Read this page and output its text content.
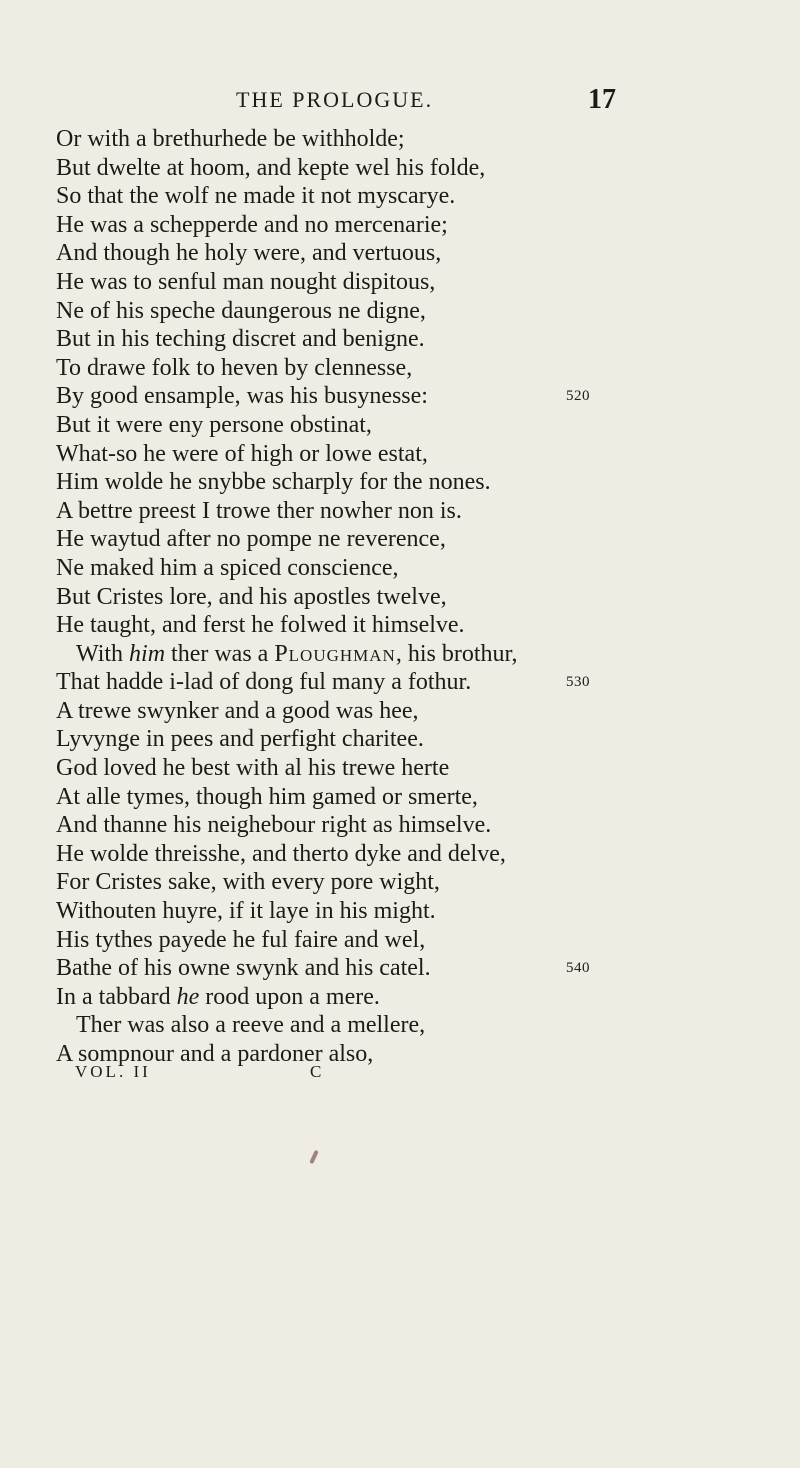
THE PROLOGUE.	17
Or with a brethurhede be withholde;
But dwelte at hoom, and kepte wel his folde,
So that the wolf ne made it not myscarye.
He was a schepperde and no mercenarie;
And though he holy were, and vertuous,
He was to senful man nought dispitous,
Ne of his speche daungerous ne digne,
But in his teching discret and benigne.
To drawe folk to heven by clennesse,
By good ensample, was his busynesse:	520
But it were eny persone obstinat,
What-so he were of high or lowe estat,
Him wolde he snybbe scharply for the nones.
A bettre preest I trowe ther nowher non is.
He waytud after no pompe ne reverence,
Ne maked him a spiced conscience,
But Cristes lore, and his apostles twelve,
He taught, and ferst he folwed it himselve.
With him ther was a Ploughman, his brothur,
That hadde i-lad of dong ful many a fothur.	530
A trewe swynker and a good was hee,
Lyvynge in pees and perfight charitee.
God loved he best with al his trewe herte
At alle tymes, though him gamed or smerte,
And thanne his neighebour right as himselve.
He wolde threisshe, and therto dyke and delve,
For Cristes sake, with every pore wight,
Withouten huyre, if it laye in his might.
His tythes payede he ful faire and wel,
Bathe of his owne swynk and his catel.	540
In a tabbard he rood upon a mere.
Ther was also a reeve and a mellere,
A sompnour and a pardoner also,
VOL. II	C
